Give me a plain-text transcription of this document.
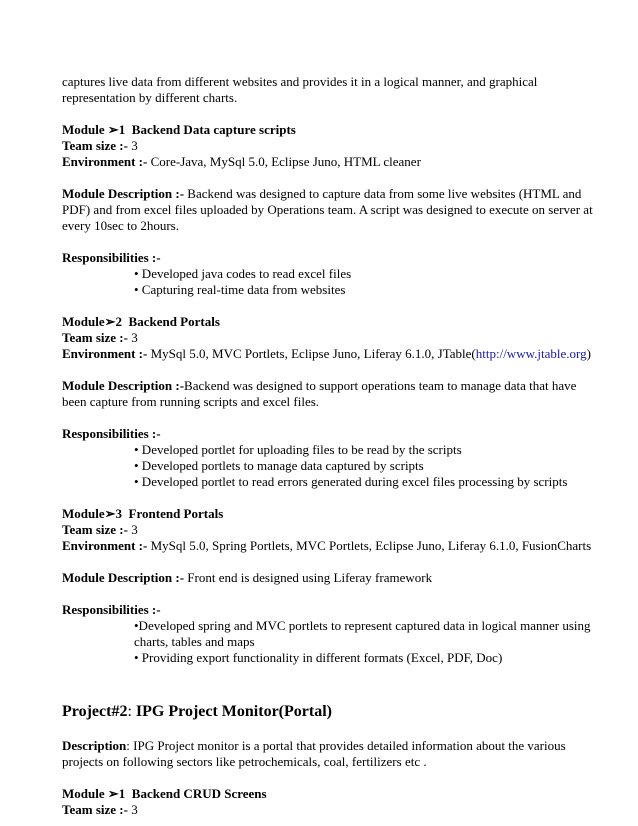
captures live data from different websites and provides it in a logical manner, and graphical representation by different charts.

Module ➢1 Backend Data capture scripts

Team size :- 3

Environment :- Core-Java, MySql 5.0, Eclipse Juno, HTML cleaner

Module Description :- Backend was designed to capture data from some live websites (HTML and PDF) and from excel files uploaded by Operations team. A script was designed to execute on server at every 10sec to 2hours.

Responsibilities :-

• Developed java codes to read excel files
• Capturing real-time data from websites

Module➢2 Backend Portals

Team size :- 3

Environment :- MySql 5.0, MVC Portlets, Eclipse Juno, Liferay 6.1.0, JTable(http://www.jtable.org)

Module Description :-Backend was designed to support operations team to manage data that have been capture from running scripts and excel files.

Responsibilities :-

• Developed portlet for uploading files to be read by the scripts
• Developed portlets to manage data captured by scripts
• Developed portlet to read errors generated during excel files processing by scripts

Module➢3 Frontend Portals

Team size :- 3

Environment :- MySql 5.0, Spring Portlets, MVC Portlets, Eclipse Juno, Liferay 6.1.0, FusionCharts

Module Description :- Front end is designed using Liferay framework

Responsibilities :-

•Developed spring and MVC portlets to represent captured data in logical manner using charts, tables and maps
• Providing export functionality in different formats (Excel, PDF, Doc)

Project#2: IPG Project Monitor(Portal)

Description: IPG Project monitor is a portal that provides detailed information about the various projects on following sectors like petrochemicals, coal, fertilizers etc .

Module ➢1 Backend CRUD Screens

Team size :- 3
